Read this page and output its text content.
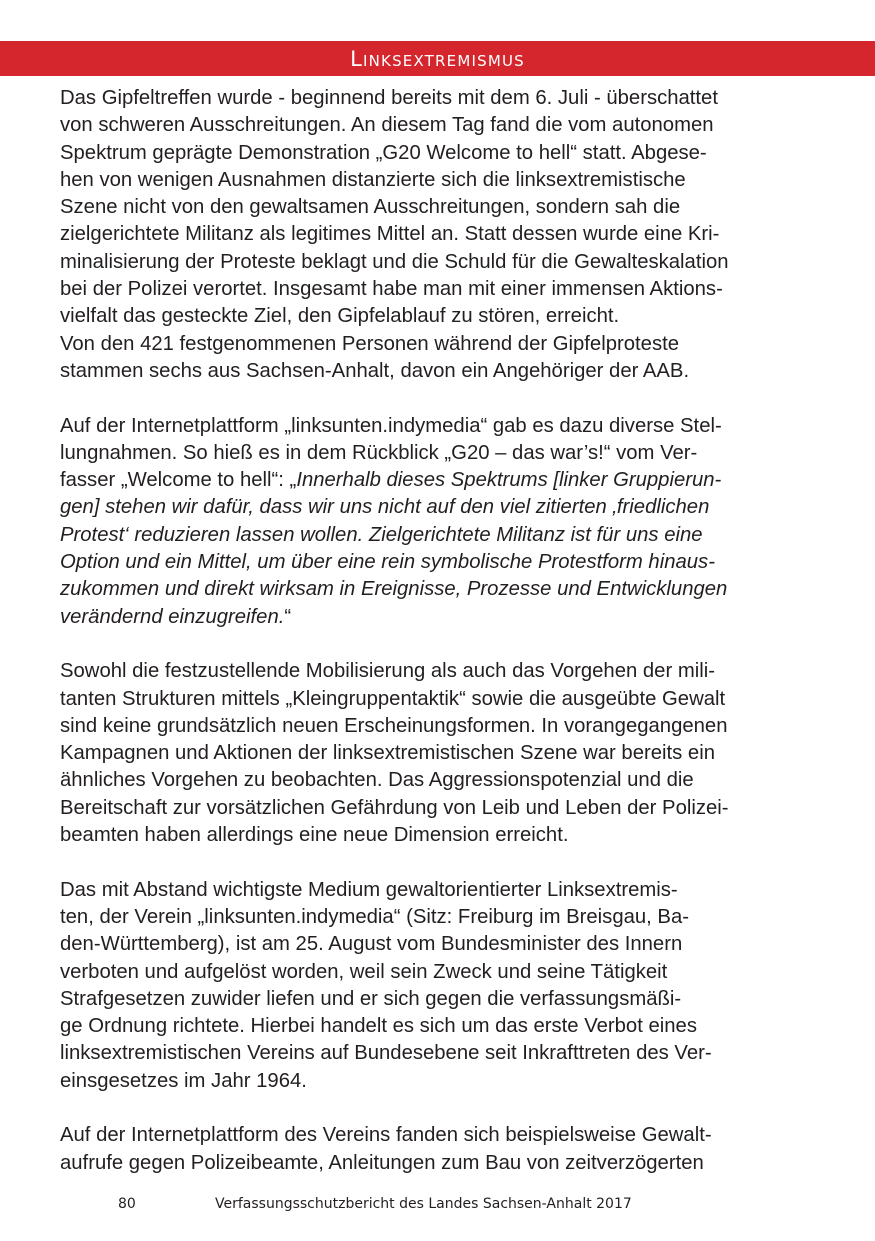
Linksextremismus

Das Gipfeltreffen wurde - beginnend bereits mit dem 6. Juli - überschattet

von schweren Ausschreitungen. An diesem Tag fand die vom autonomen

Spektrum geprägte Demonstration „G20 Welcome to hell“ statt. Abgese-

hen von wenigen Ausnahmen distanzierte sich die linksextremistische

Szene nicht von den gewaltsamen Ausschreitungen, sondern sah die

zielgerichtete Militanz als legitimes Mittel an. Statt dessen wurde eine Kri-

minalisierung der Proteste beklagt und die Schuld für die Gewalteskalation

bei der Polizei verortet. Insgesamt habe man mit einer immensen Aktions-

vielfalt das gesteckte Ziel, den Gipfelablauf zu stören, erreicht.

Von den 421 festgenommenen Personen während der Gipfelproteste

stammen sechs aus Sachsen-Anhalt, davon ein Angehöriger der AAB.

Auf der Internetplattform „linksunten.indymedia“ gab es dazu diverse Stel-

lungnahmen. So hieß es in dem Rückblick „G20 – das war’s!“ vom Ver-

fasser „Welcome to hell“: „Innerhalb dieses Spektrums [linker Gruppierun-

gen] stehen wir dafür, dass wir uns nicht auf den viel zitierten ‚friedlichen

Protest‘ reduzieren lassen wollen. Zielgerichtete Militanz ist für uns eine

Option und ein Mittel, um über eine rein symbolische Protestform hinaus-

zukommen und direkt wirksam in Ereignisse, Prozesse und Entwicklungen

verändernd einzugreifen.“

Sowohl die festzustellende Mobilisierung als auch das Vorgehen der mili-

tanten Strukturen mittels „Kleingruppentaktik“ sowie die ausgeübte Gewalt

sind keine grundsätzlich neuen Erscheinungsformen. In vorangegangenen

Kampagnen und Aktionen der linksextremistischen Szene war bereits ein

ähnliches Vorgehen zu beobachten. Das Aggressionspotenzial und die

Bereitschaft zur vorsätzlichen Gefährdung von Leib und Leben der Polizei-

beamten haben allerdings eine neue Dimension erreicht.

Das mit Abstand wichtigste Medium gewaltorientierter Linksextremis-

ten, der Verein „linksunten.indymedia“ (Sitz: Freiburg im Breisgau, Ba-

den-Württemberg), ist am 25. August vom Bundesminister des Innern

verboten und aufgelöst worden, weil sein Zweck und seine Tätigkeit

Strafgesetzen zuwider liefen und er sich gegen die verfassungsmäßi-

ge Ordnung richtete. Hierbei handelt es sich um das erste Verbot eines

linksextremistischen Vereins auf Bundesebene seit Inkrafttreten des Ver-

einsgesetzes im Jahr 1964.

Auf der Internetplattform des Vereins fanden sich beispielsweise Gewalt-

aufrufe gegen Polizeibeamte, Anleitungen zum Bau von zeitverzögerten

80	Verfassungsschutzbericht des Landes Sachsen-Anhalt 2017
